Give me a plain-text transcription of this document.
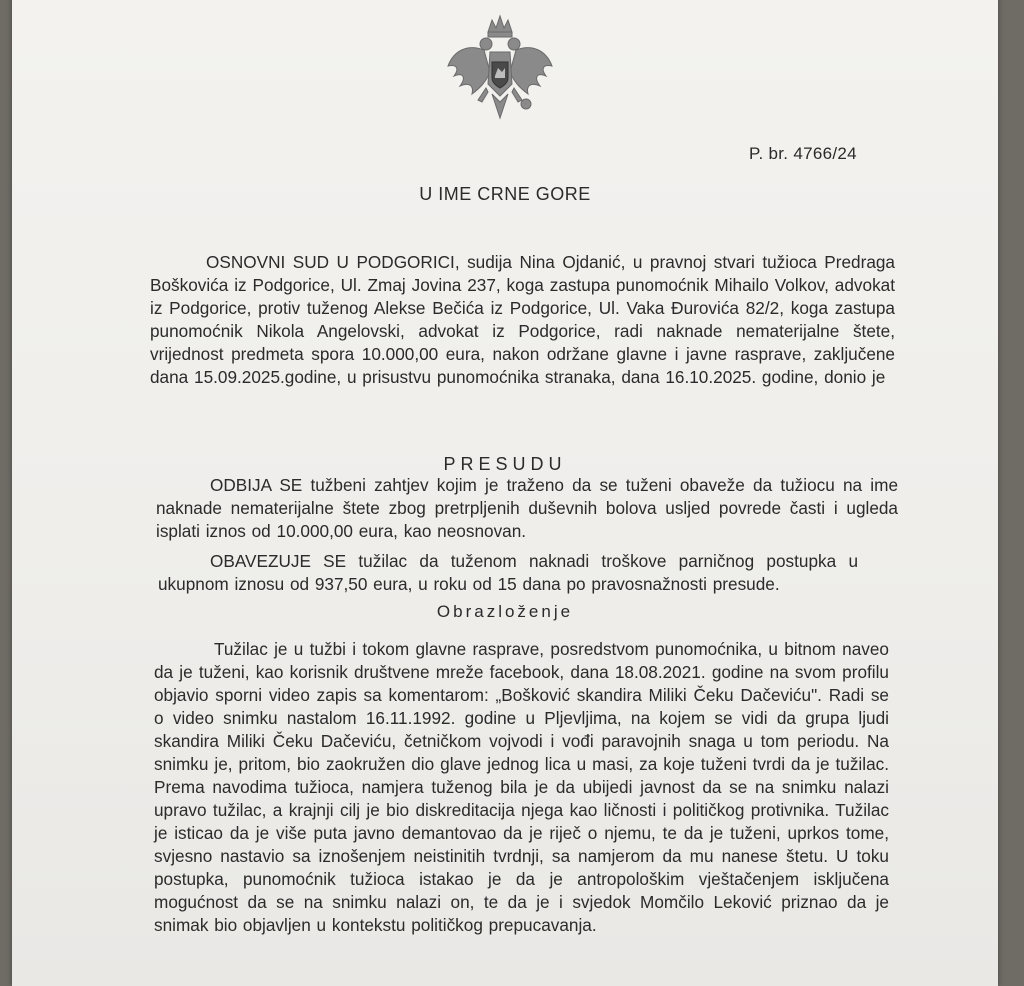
P. br. 4766/24
U IME CRNE GORE
OSNOVNI SUD U PODGORICI, sudija Nina Ojdanić, u pravnoj stvari tužioca Predraga Boškovića iz Podgorice, Ul. Zmaj Jovina 237, koga zastupa punomoćnik Mihailo Volkov, advokat iz Podgorice, protiv tuženog Alekse Bečića iz Podgorice, Ul. Vaka Đurovića 82/2, koga zastupa punomoćnik Nikola Angelovski, advokat iz Podgorice, radi naknade nematerijalne štete, vrijednost predmeta spora 10.000,00 eura, nakon održane glavne i javne rasprave, zaključene dana 15.09.2025.godine, u prisustvu punomoćnika stranaka, dana 16.10.2025. godine, donio je
PRESUDU
ODBIJA SE tužbeni zahtjev kojim je traženo da se tuženi obaveže da tužiocu na ime naknade nematerijalne štete zbog pretrpljenih duševnih bolova usljed povrede časti i ugleda isplati iznos od 10.000,00 eura, kao neosnovan.
OBAVEZUJE SE tužilac da tuženom naknadi troškove parničnog postupka u ukupnom iznosu od 937,50 eura, u roku od 15 dana po pravosnažnosti presude.
Obrazloženje
Tužilac je u tužbi i tokom glavne rasprave, posredstvom punomoćnika, u bitnom naveo da je tuženi, kao korisnik društvene mreže facebook, dana 18.08.2021. godine na svom profilu objavio sporni video zapis sa komentarom: „Bošković skandira Miliki Čeku Dačeviću". Radi se o video snimku nastalom 16.11.1992. godine u Pljevljima, na kojem se vidi da grupa ljudi skandira Miliki Čeku Dačeviću, četničkom vojvodi i vođi paravojnih snaga u tom periodu. Na snimku je, pritom, bio zaokružen dio glave jednog lica u masi, za koje tuženi tvrdi da je tužilac. Prema navodima tužioca, namjera tuženog bila je da ubijedi javnost da se na snimku nalazi upravo tužilac, a krajnji cilj je bio diskreditacija njega kao ličnosti i političkog protivnika. Tužilac je isticao da je više puta javno demantovao da je riječ o njemu, te da je tuženi, uprkos tome, svjesno nastavio sa iznošenjem neistinitih tvrdnji, sa namjerom da mu nanese štetu. U toku postupka, punomoćnik tužioca istakao je da je antropološkim vještačenjem isključena mogućnost da se na snimku nalazi on, te da je i svjedok Momčilo Leković priznao da je snimak bio objavljen u kontekstu političkog prepucavanja.
